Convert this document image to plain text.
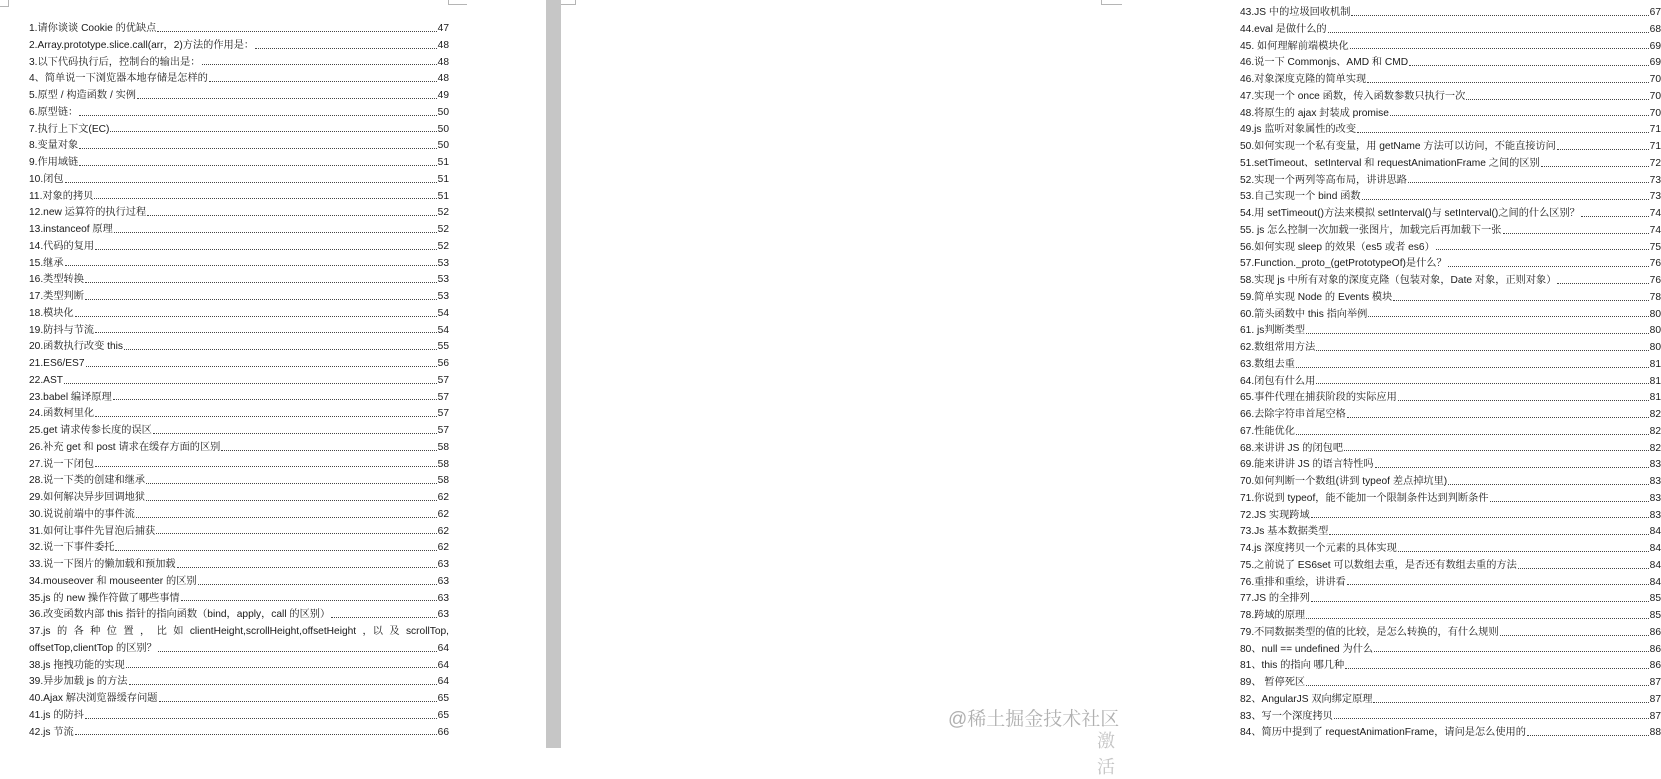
1.请你谈谈 Cookie 的优缺点	47
2.Array.prototype.slice.call(arr，2)方法的作用是：	48
3.以下代码执行后，控制台的输出是：	48
4、简单说一下浏览器本地存储是怎样的	48
5.原型 / 构造函数 / 实例	49
6.原型链：	50
7.执行上下文(EC)	50
8.变量对象	50
9.作用域链	51
10.闭包	51
11.对象的拷贝	51
12.new 运算符的执行过程	52
13.instanceof 原理	52
14.代码的复用	52
15.继承	53
16.类型转换	53
17.类型判断	53
18.模块化	54
19.防抖与节流	54
20.函数执行改变 this	55
21.ES6/ES7	56
22.AST	57
23.babel 编译原理	57
24.函数柯里化	57
25.get 请求传参长度的误区	57
26.补充 get 和 post 请求在缓存方面的区别	58
27.说一下闭包	58
28.说一下类的创建和继承	58
29.如何解决异步回调地狱	62
30.说说前端中的事件流	62
31.如何让事件先冒泡后捕获	62
32.说一下事件委托	62
33.说一下图片的懒加载和预加载	63
34.mouseover 和 mouseenter 的区别	63
35.js 的 new 操作符做了哪些事情	63
36.改变函数内部 this 指针的指向函数（bind，apply，call 的区别）	63
37.js 的 各 种 位 置 ， 比 如 clientHeight,scrollHeight,offsetHeight ，以 及 scrollTop,
offsetTop,clientTop 的区别？	64
38.js 拖拽功能的实现	64
39.异步加载 js 的方法	64
40.Ajax 解决浏览器缓存问题	65
41.js 的防抖	65
42.js 节流	66
43.JS 中的垃圾回收机制	67
44.eval 是做什么的	68
45. 如何理解前端模块化	69
46.说一下 Commonjs、AMD 和 CMD	69
46.对象深度克隆的简单实现	70
47.实现一个 once 函数，传入函数参数只执行一次	70
48.将原生的 ajax 封装成 promise	70
49.js 监听对象属性的改变	71
50.如何实现一个私有变量，用 getName 方法可以访问，不能直接访问	71
51.setTimeout、setInterval 和 requestAnimationFrame 之间的区别	72
52.实现一个两列等高布局，讲讲思路	73
53.自己实现一个 bind 函数	73
54.用 setTimeout()方法来模拟 setInterval()与 setInterval()之间的什么区别？	74
55. js 怎么控制一次加载一张图片，加载完后再加载下一张	74
56.如何实现 sleep 的效果（es5 或者 es6）	75
57.Function._proto_(getPrototypeOf)是什么？	76
58.实现 js 中所有对象的深度克隆（包装对象，Date 对象，正则对象）	76
59.简单实现 Node 的 Events 模块	78
60.箭头函数中 this 指向举例	80
61. js判断类型	80
62.数组常用方法	80
63.数组去重	81
64.闭包有什么用	81
65.事件代理在捕获阶段的实际应用	81
66.去除字符串首尾空格	82
67.性能优化	82
68.来讲讲 JS 的闭包吧	82
69.能来讲讲 JS 的语言特性吗	83
70.如何判断一个数组(讲到 typeof 差点掉坑里)	83
71.你说到 typeof，能不能加一个限制条件达到判断条件	83
72.JS 实现跨域	83
73.Js 基本数据类型	84
74.js 深度拷贝一个元素的具体实现	84
75.之前说了 ES6set 可以数组去重，是否还有数组去重的方法	84
76.重排和重绘，讲讲看	84
77.JS 的全排列	85
78.跨域的原理	85
79.不同数据类型的值的比较，是怎么转换的，有什么规则	86
80、null == undefined 为什么	86
81、this 的指向 哪几种	86
89、 暂停死区	87
82、AngularJS 双向绑定原理	87
83、写一个深度拷贝	87
84、简历中提到了 requestAnimationFrame，请问是怎么使用的	88
@稀土掘金技术社区
激活
